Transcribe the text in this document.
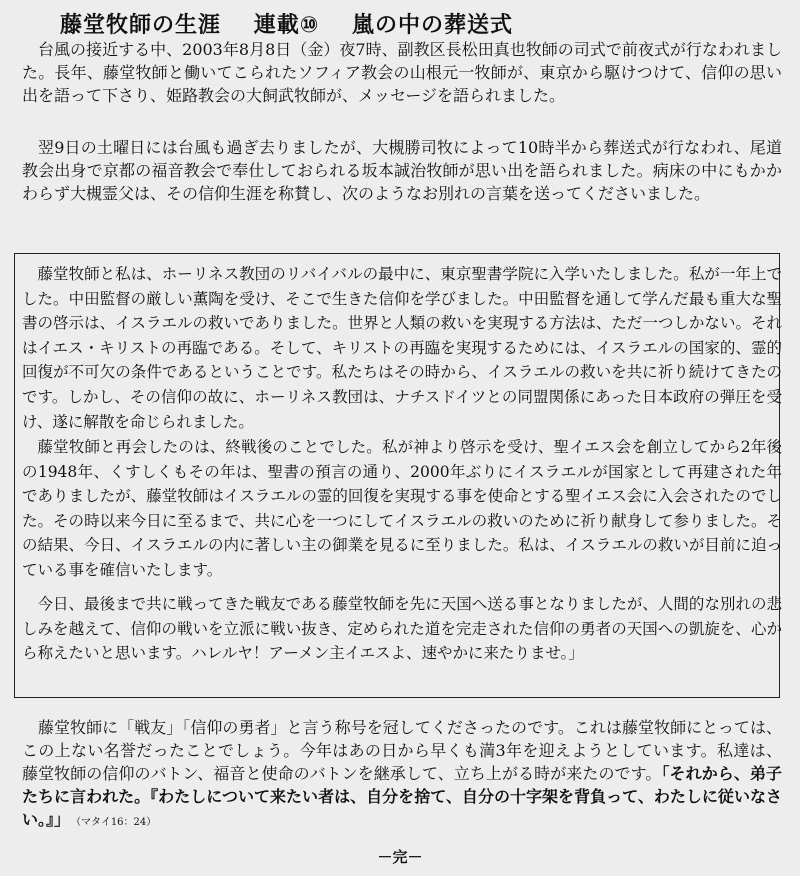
藤堂牧師の生涯 連載⑩ 嵐の中の葬送式
台風の接近する中、2003年8月8日（金）夜7時、副教区長松田真也牧師の司式で前夜式が行なわれました。長年、藤堂牧師と働いてこられたソフィア教会の山根元一牧師が、東京から駆けつけて、信仰の思い出を語って下さり、姫路教会の大飼武牧師が、メッセージを語られました。
翌9日の土曜日には台風も過ぎ去りましたが、大槻勝司牧によって10時半から葬送式が行なわれ、尾道教会出身で京都の福音教会で奉仕しておられる坂本誠治牧師が思い出を語られました。病床の中にもかかわらず大槻霊父は、その信仰生涯を称賛し、次のようなお別れの言葉を送ってくださいました。
藤堂牧師と私は、ホーリネス教団のリバイバルの最中に、東京聖書学院に入学いたしました。私が一年上でした。中田監督の厳しい薫陶を受け、そこで生きた信仰を学びました。中田監督を通して学んだ最も重大な聖書の啓示は、イスラエルの救いでありました。世界と人類の救いを実現する方法は、ただ一つしかない。それはイエス・キリストの再臨である。そして、キリストの再臨を実現するためには、イスラエルの国家的、霊的回復が不可欠の条件であるということです。私たちはその時から、イスラエルの救いを共に祈り続けてきたのです。しかし、その信仰の故に、ホーリネス教団は、ナチスドイツとの同盟関係にあった日本政府の弾圧を受け、遂に解散を命じられました。
藤堂牧師と再会したのは、終戦後のことでした。私が神より啓示を受け、聖イエス会を創立してから2年後の1948年、くすしくもその年は、聖書の預言の通り、2000年ぶりにイスラエルが国家として再建された年でありましたが、藤堂牧師はイスラエルの霊的回復を実現する事を使命とする聖イエス会に入会されたのでした。その時以来今日に至るまで、共に心を一つにしてイスラエルの救いのために祈り献身して参りました。その結果、今日、イスラエルの内に著しい主の御業を見るに至りました。私は、イスラエルの救いが目前に迫っている事を確信いたします。
今日、最後まで共に戦ってきた戦友である藤堂牧師を先に天国へ送る事となりましたが、人間的な別れの悲しみを越えて、信仰の戦いを立派に戦い抜き、定められた道を完走された信仰の勇者の天国への凱旋を、心から称えたいと思います。ハレルヤ！アーメン主イエスよ、速やかに来たりませ。」
藤堂牧師に「戦友」「信仰の勇者」と言う称号を冠してくださったのです。これは藤堂牧師にとっては、この上ない名誉だったことでしょう。今年はあの日から早くも満3年を迎えようとしています。私達は、藤堂牧師の信仰のバトン、福音と使命のバトンを継承して、立ち上がる時が来たのです。「それから、弟子たちに言われた。『わたしについて来たい者は、自分を捨て、自分の十字架を背負って、わたしに従いなさい。』」 （マタイ16：24）
－完－
